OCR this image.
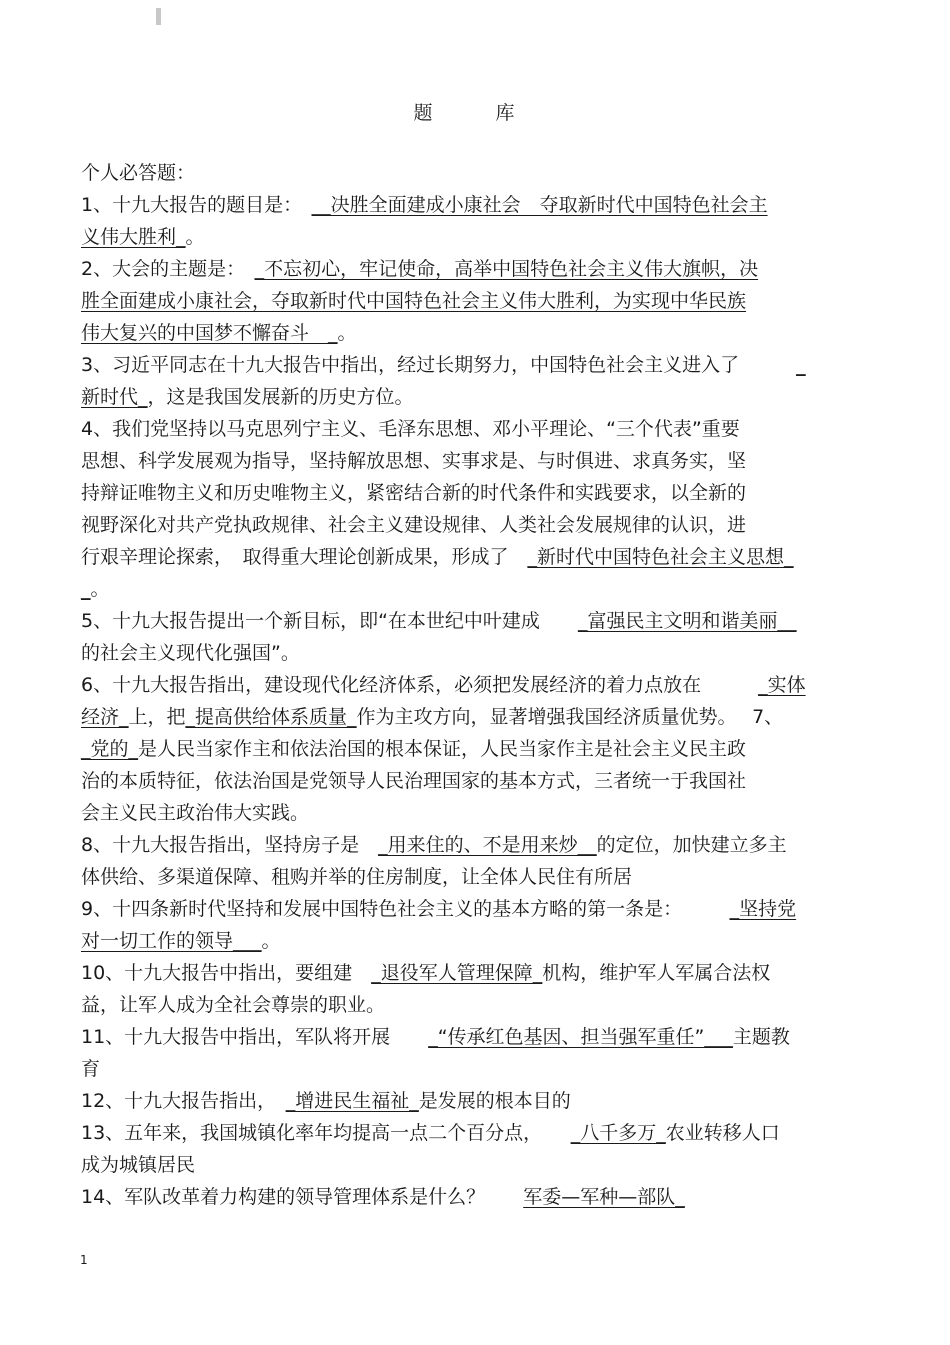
题　库
个人必答题：
1、十九大报告的题目是：　__决胜全面建成小康社会　夺取新时代中国特色社会主
义伟大胜利_。
2、大会的主题是：　_不忘初心，牢记使命，高举中国特色社会主义伟大旗帜，决
胜全面建成小康社会，夺取新时代中国特色社会主义伟大胜利，为实现中华民族
伟大复兴的中国梦不懈奋斗　_。
3、习近平同志在十九大报告中指出，经过长期努力，中国特色社会主义进入了　　　_
新时代_，这是我国发展新的历史方位。
4、我们党坚持以马克思列宁主义、毛泽东思想、邓小平理论、“三个代表”重要
思想、科学发展观为指导，坚持解放思想、实事求是、与时俱进、求真务实，坚
持辩证唯物主义和历史唯物主义，紧密结合新的时代条件和实践要求，以全新的
视野深化对共产党执政规律、社会主义建设规律、人类社会发展规律的认识，进
行艰辛理论探索，　取得重大理论创新成果，形成了　_新时代中国特色社会主义思想_
_。
5、十九大报告提出一个新目标，即“在本世纪中叶建成　　_富强民主文明和谐美丽__
的社会主义现代化强国”。
6、十九大报告指出，建设现代化经济体系，必须把发展经济的着力点放在　　　_实体
经济_上，把_提高供给体系质量_作为主攻方向，显著增强我国经济质量优势。　 7、
_党的_是人民当家作主和依法治国的根本保证，人民当家作主是社会主义民主政
治的本质特征，依法治国是党领导人民治理国家的基本方式，三者统一于我国社
会主义民主政治伟大实践。
8、十九大报告指出，坚持房子是　_用来住的、不是用来炒__的定位，加快建立多主
体供给、多渠道保障、租购并举的住房制度，让全体人民住有所居
9、十四条新时代坚持和发展中国特色社会主义的基本方略的第一条是：　　　_坚持党
对一切工作的领导___。
10、十九大报告中指出，要组建　_退役军人管理保障_机构，维护军人军属合法权
益，让军人成为全社会尊崇的职业。
11、十九大报告中指出，军队将开展　　_“传承红色基因、担当强军重任”___主题教
育
12、十九大报告指出，　_增进民生福祉_是发展的根本目的
13、五年来，我国城镇化率年均提高一点二个百分点，　　_八千多万_农业转移人口
成为城镇居民
14、军队改革着力构建的领导管理体系是什么？　　军委—军种—部队_
1
